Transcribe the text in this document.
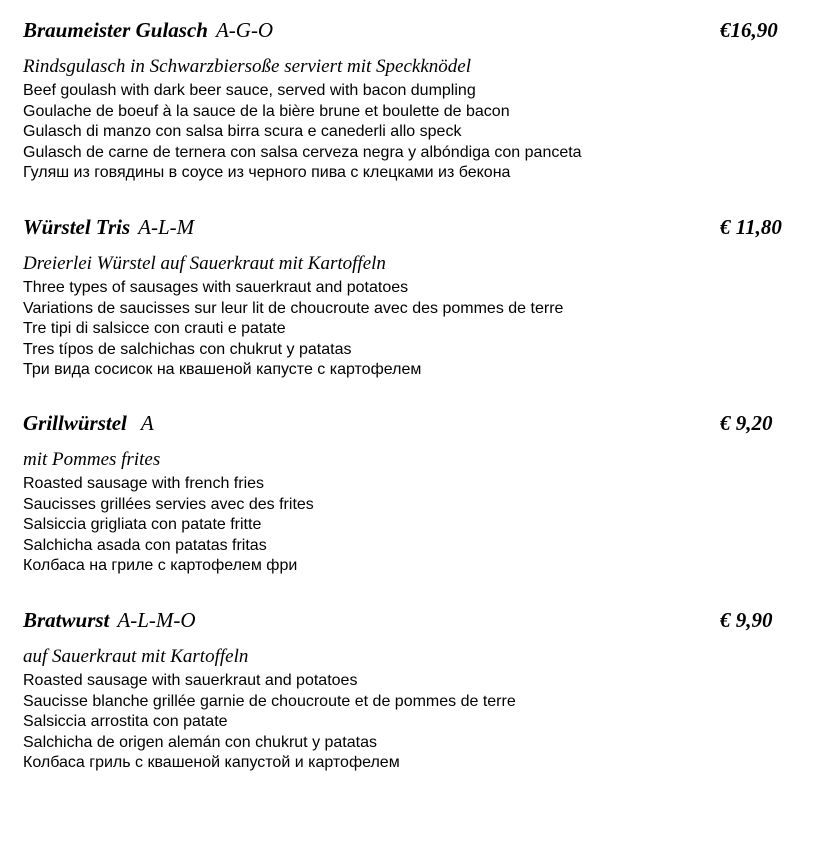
Braumeister Gulasch A-G-O	€16,90
Rindsgulasch in Schwarzbiersoße serviert mit Speckknödel
Beef goulash with dark beer sauce, served with bacon dumpling
Goulache de boeuf à la sauce de la bière brune et boulette de bacon
Gulasch di manzo con salsa birra scura e canederli allo speck
Gulasch de carne de ternera con salsa cerveza negra y albóndiga con panceta
Гуляш из говядины в соусе из черного пива с клецками из бекона
Würstel Tris A-L-M	€ 11,80
Dreierlei Würstel auf Sauerkraut mit Kartoffeln
Three types of sausages with sauerkraut and potatoes
Variations de saucisses sur leur lit de choucroute avec des pommes de terre
Tre tipi di salsicce con crauti e patate
Tres típos de salchichas con chukrut y patatas
Три вида сосисок на квашеной капусте с картофелем
Grillwürstel A	€ 9,20
mit Pommes frites
Roasted sausage with french fries
Saucisses grillées servies avec des frites
Salsiccia grigliata con patate fritte
Salchicha asada con patatas fritas
Колбаса на гриле с картофелем фри
Bratwurst A-L-M-O	€ 9,90
auf Sauerkraut mit Kartoffeln
Roasted sausage with sauerkraut and potatoes
Saucisse blanche grillée garnie de choucroute et de pommes de terre
Salsiccia arrostita con patate
Salchicha de origen alemán con chukrut y patatas
Колбаса гриль с квашеной капустой и картофелем
